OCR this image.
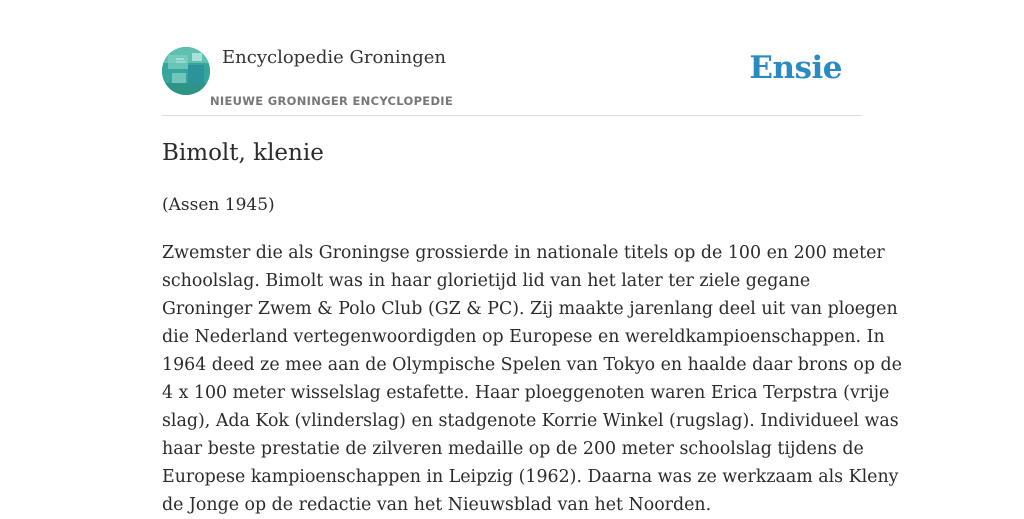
Encyclopedie Groningen
NIEUWE GRONINGER ENCYCLOPEDIE
Ensie
Bimolt, klenie

(Assen 1945)

Zwemster die als Groningse grossierde in nationale titels op de 100 en 200 meter
schoolslag. Bimolt was in haar glorietijd lid van het later ter ziele gegane
Groninger Zwem & Polo Club (GZ & PC). Zij maakte jarenlang deel uit van ploegen
die Nederland vertegenwoordigden op Europese en wereldkampioenschappen. In
1964 deed ze mee aan de Olympische Spelen van Tokyo en haalde daar brons op de
4 x 100 meter wisselslag estafette. Haar ploeggenoten waren Erica Terpstra (vrije
slag), Ada Kok (vlinderslag) en stadgenote Korrie Winkel (rugslag). Individueel was
haar beste prestatie de zilveren medaille op de 200 meter schoolslag tijdens de
Europese kampioenschappen in Leipzig (1962). Daarna was ze werkzaam als Kleny
de Jonge op de redactie van het Nieuwsblad van het Noorden.
